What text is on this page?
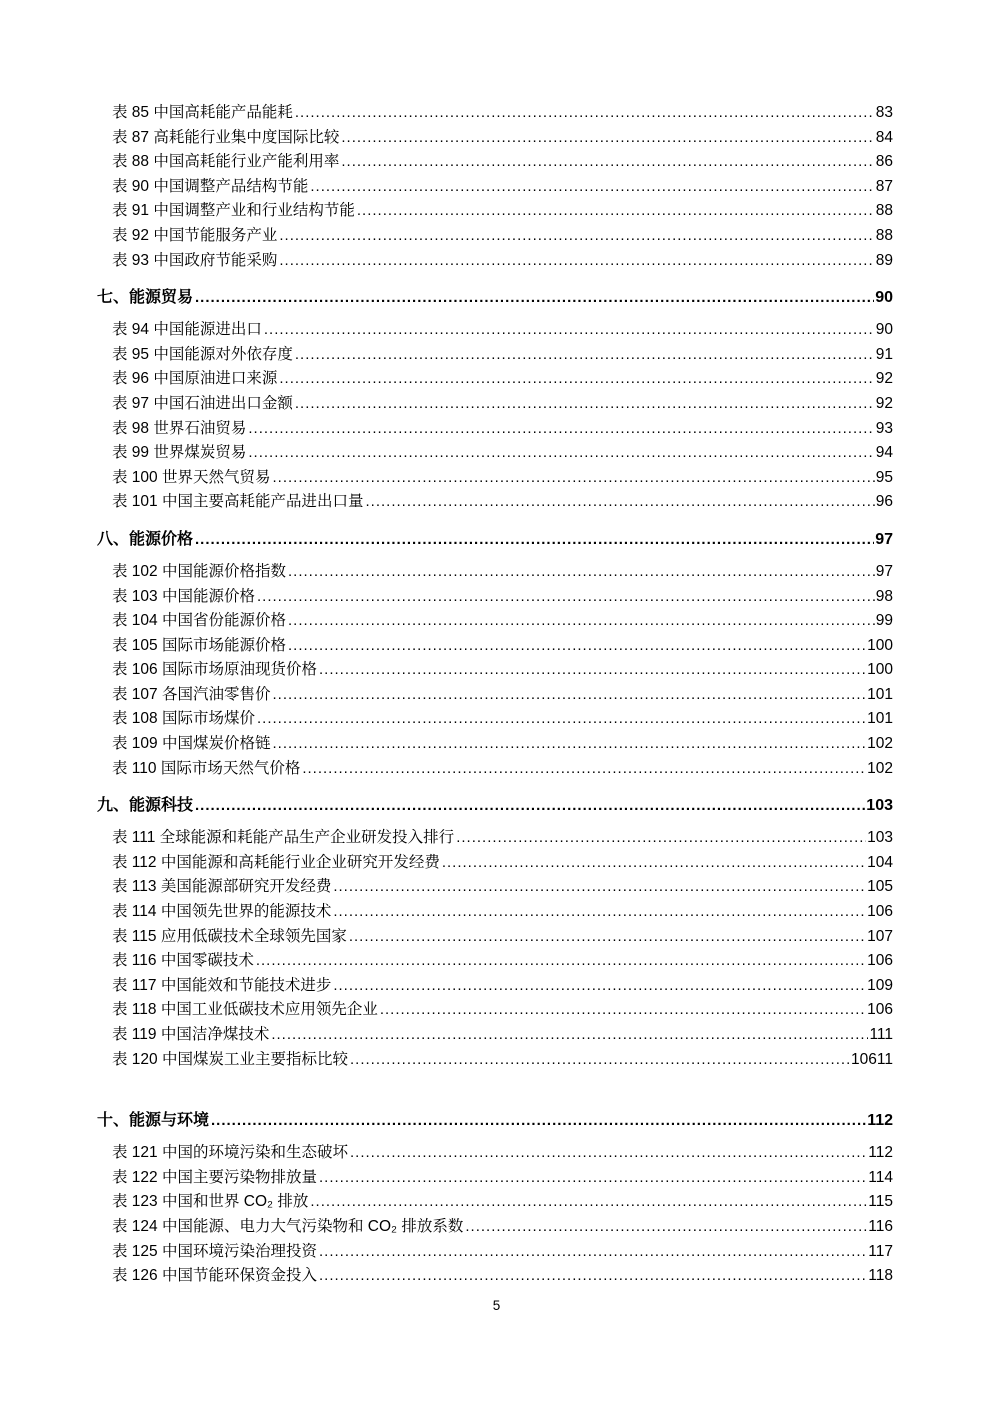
表 85 中国高耗能产品能耗 .....	83
表 87 高耗能行业集中度国际比较 .....	84
表 88 中国高耗能行业产能利用率 .....	86
表 90 中国调整产品结构节能 .....	87
表 91 中国调整产业和行业结构节能 .....	88
表 92 中国节能服务产业 .....	88
表 93 中国政府节能采购 .....	89
七、能源贸易 .....	90
表 94 中国能源进出口 .....	90
表 95 中国能源对外依存度 .....	91
表 96 中国原油进口来源 .....	92
表 97 中国石油进出口金额 .....	92
表 98 世界石油贸易 .....	93
表 99 世界煤炭贸易 .....	94
表 100 世界天然气贸易 .....	95
表 101 中国主要高耗能产品进出口量 .....	96
八、能源价格 .....	97
表 102 中国能源价格指数 .....	97
表 103 中国能源价格 .....	98
表 104 中国省份能源价格 .....	99
表 105 国际市场能源价格 .....	100
表 106 国际市场原油现货价格 .....	100
表 107 各国汽油零售价 .....	101
表 108 国际市场煤价 .....	101
表 109 中国煤炭价格链 .....	102
表 110 国际市场天然气价格 .....	102
九、能源科技 .....	103
表 111 全球能源和耗能产品生产企业研发投入排行 .....	103
表 112 中国能源和高耗能行业企业研究开发经费 .....	104
表 113 美国能源部研究开发经费 .....	105
表 114 中国领先世界的能源技术 .....	106
表 115 应用低碳技术全球领先国家 .....	107
表 116 中国零碳技术 .....	106
表 117 中国能效和节能技术进步 .....	109
表 118 中国工业低碳技术应用领先企业 .....	106
表 119 中国洁净煤技术 .....	111
表 120 中国煤炭工业主要指标比较 .....	10611
十、能源与环境 .....	112
表 121 中国的环境污染和生态破坏 .....	112
表 122 中国主要污染物排放量 .....	114
表 123 中国和世界 CO₂ 排放 .....	115
表 124 中国能源、电力大气污染物和 CO₂ 排放系数 .....	116
表 125 中国环境污染治理投资 .....	117
表 126 中国节能环保资金投入 .....	118
5
